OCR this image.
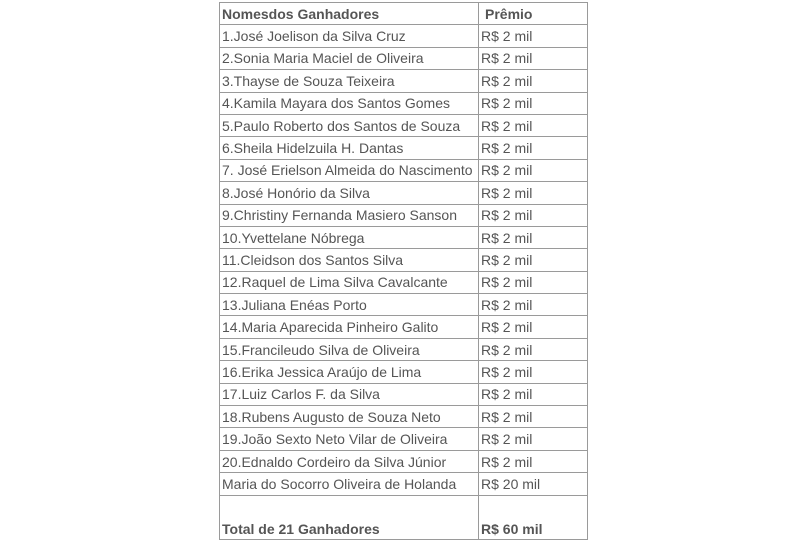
Nomesdos Ganhadores	Prêmio
1.José Joelison da Silva Cruz	R$ 2 mil
2.Sonia Maria Maciel de Oliveira	R$ 2 mil
3.Thayse de Souza Teixeira	R$ 2 mil
4.Kamila Mayara dos Santos Gomes	R$ 2 mil
5.Paulo Roberto dos Santos de Souza	R$ 2 mil
6.Sheila Hidelzuila H. Dantas	R$ 2 mil
7. José Erielson Almeida do Nascimento	R$ 2 mil
8.José Honório da Silva	R$ 2 mil
9.Christiny Fernanda Masiero Sanson	R$ 2 mil
10.Yvettelane Nóbrega	R$ 2 mil
11.Cleidson dos Santos Silva	R$ 2 mil
12.Raquel de Lima Silva Cavalcante	R$ 2 mil
13.Juliana Enéas Porto	R$ 2 mil
14.Maria Aparecida Pinheiro Galito	R$ 2 mil
15.Francileudo Silva de Oliveira	R$ 2 mil
16.Erika Jessica Araújo de Lima	R$ 2 mil
17.Luiz Carlos F. da Silva	R$ 2 mil
18.Rubens Augusto de Souza Neto	R$ 2 mil
19.João Sexto Neto Vilar de Oliveira	R$ 2 mil
20.Ednaldo Cordeiro da Silva Júnior	R$ 2 mil
Maria do Socorro Oliveira de Holanda	R$ 20 mil
Total de 21 Ganhadores	R$ 60 mil
